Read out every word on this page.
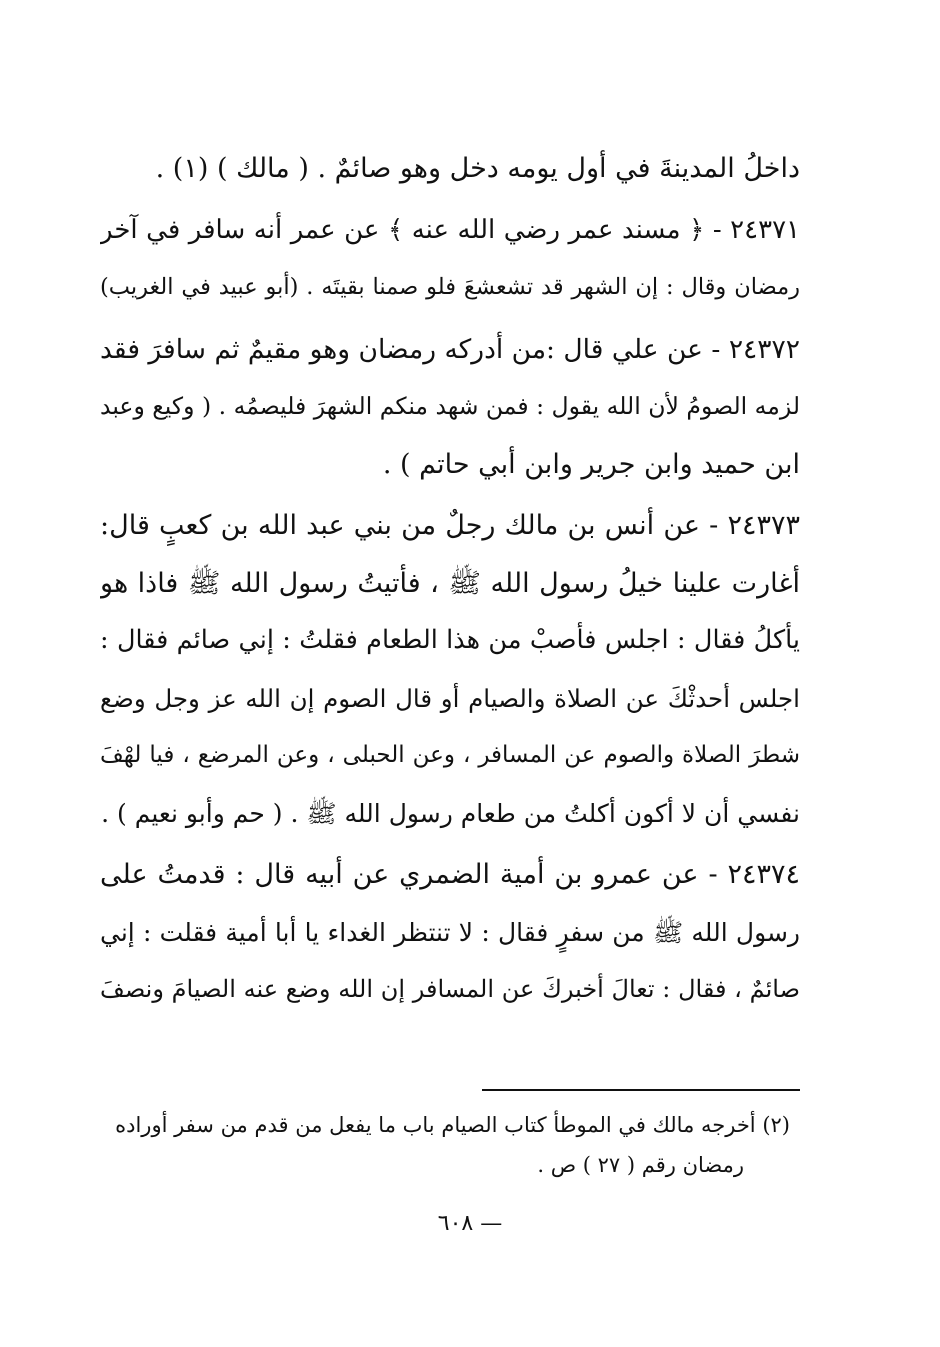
داخلُ المدينةَ في أول يومه دخل وهو صائمٌ . ( مالك ) (١) .
٢٤٣٧١ - ﴿ مسند عمر رضي الله عنه ﴾ عن عمر أنه سافر في آخر
رمضان وقال : إن الشهر قد تشعشعَ فلو صمنا بقيتَه . (أبو عبيد في الغريب)
٢٤٣٧٢ - عن علي قال :من أدركه رمضان وهو مقيمٌ ثم سافرَ فقد
لزمه الصومُ لأن الله يقول : فمن شهد منكم الشهرَ فليصمُه . ( وكيع وعبد
ابن حميد وابن جرير وابن أبي حاتم ) .
٢٤٣٧٣ - عن أنس بن مالك رجلٌ من بني عبد الله بن كعبٍ قال:
أغارت علينا خيلُ رسول الله ﷺ ، فأتيتُ رسول الله ﷺ فاذا هو
يأكلُ فقال : اجلس فأصبْ من هذا الطعام فقلتُ : إني صائم فقال :
اجلس أحدثْكَ عن الصلاة والصيام أو قال الصوم إن الله عز وجل وضع
شطرَ الصلاة والصوم عن المسافر ، وعن الحبلى ، وعن المرضع ، فيا لهْفَ
نفسي أن لا أكون أكلتُ من طعام رسول الله ﷺ . ( حم وأبو نعيم ) .
٢٤٣٧٤ - عن عمرو بن أمية الضمري عن أبيه قال : قدمتُ على
رسول الله ﷺ من سفرٍ فقال : لا تنتظر الغداء يا أبا أمية فقلت : إني
صائمٌ ، فقال : تعالَ أخبركَ عن المسافر إن الله وضع عنه الصيامَ ونصفَ
(٢) أخرجه مالك في الموطأ كتاب الصيام باب ما يفعل من قدم من سفر أوراده
رمضان رقم ( ٢٧ ) ص .
— ٦٠٨
